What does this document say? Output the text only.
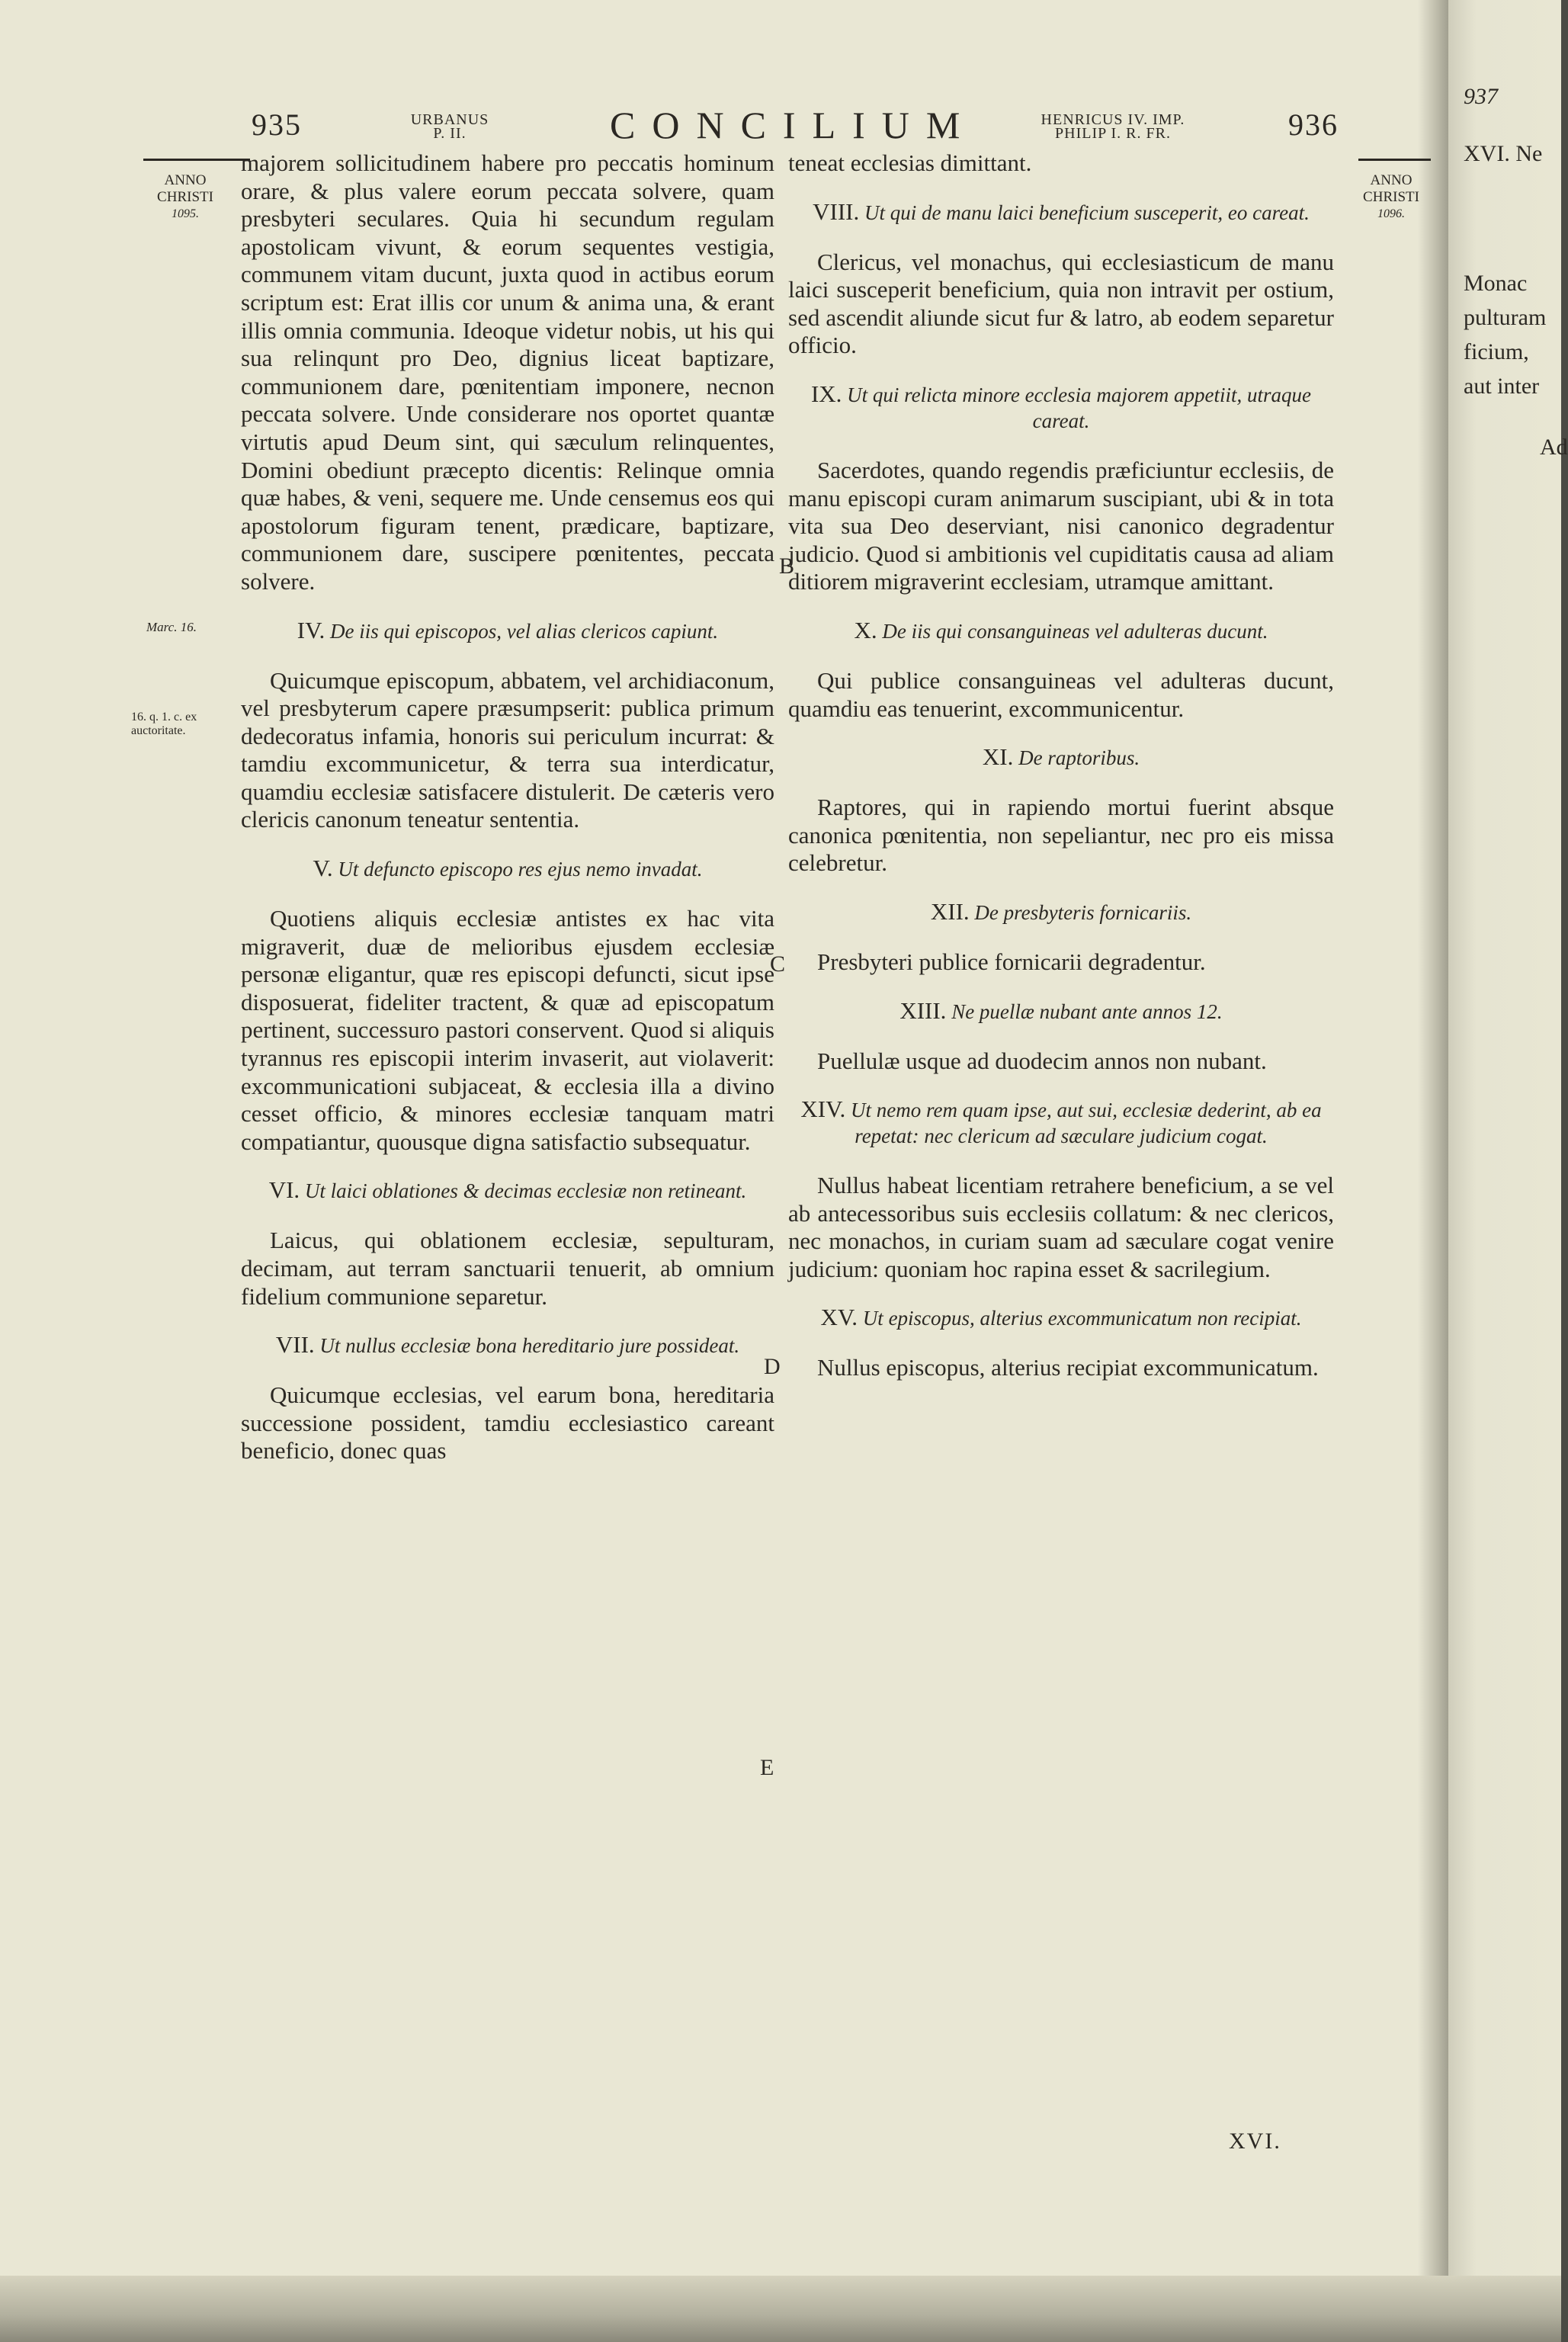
935	URBANUS
P. II.	CONCILIUM	HENRICUS IV. IMP.
PHILIP I. R. FR.	936
ANNO
CHRISTI
1095.
ANNO
CHRISTI
1096.
Marc. 16.
16. q. 1. c. ex
auctoritate.

majorem sollicitudinem habere pro peccatis hominum orare, & plus valere eorum peccata solvere, quam presbyteri seculares. Quia hi secundum regulam apostolicam vivunt, & eorum sequentes vestigia, communem vitam ducunt, juxta quod in actibus eorum scriptum est: Erat illis cor unum & anima una, & erant illis omnia communia. Ideoque videtur nobis, ut his qui sua relinqunt pro Deo, dignius liceat baptizare, communionem dare, pœnitentiam imponere, necnon peccata solvere. Unde considerare nos oportet quantæ virtutis apud Deum sint, qui sæculum relinquentes, Domini obediunt præcepto dicentis: Relinque omnia quæ habes, & veni, sequere me. Unde censemus eos qui apostolorum figuram tenent, prædicare, baptizare, communionem dare, suscipere pœnitentes, peccata solvere.

IV. De iis qui episcopos, vel alias clericos capiunt.

Quicumque episcopum, abbatem, vel archidiaconum, vel presbyterum capere præsumpserit: publica primum dedecoratus infamia, honoris sui periculum incurrat: & tamdiu excommunicetur, & terra sua interdicatur, quamdiu ecclesiæ satisfacere distulerit. De cæteris vero clericis canonum teneatur sententia.

V. Ut defuncto episcopo res ejus nemo invadat.

Quotiens aliquis ecclesiæ antistes ex hac vita migraverit, duæ de melioribus ejusdem ecclesiæ personæ eligantur, quæ res episcopi defuncti, sicut ipse disposuerat, fideliter tractent, & quæ ad episcopatum pertinent, successuro pastori conservent. Quod si aliquis tyrannus res episcopii interim invaserit, aut violaverit: excommunicationi subjaceat, & ecclesia illa a divino cesset officio, & minores ecclesiæ tanquam matri compatiantur, quousque digna satisfactio subsequatur.

VI. Ut laici oblationes & decimas ecclesiæ non retineant.

Laicus, qui oblationem ecclesiæ, sepulturam, decimam, aut terram sanctuarii tenuerit, ab omnium fidelium communione separetur.

VII. Ut nullus ecclesiæ bona hereditario jure possideat.

Quicumque ecclesias, vel earum bona, hereditaria successione possident, tamdiu ecclesiastico careant beneficio, donec quas

B
C
D
E

teneat ecclesias dimittant.

VIII. Ut qui de manu laici beneficium susceperit, eo careat.

Clericus, vel monachus, qui ecclesiasticum de manu laici susceperit beneficium, quia non intravit per ostium, sed ascendit aliunde sicut fur & latro, ab eodem separetur officio.

IX. Ut qui relicta minore ecclesia majorem appetiit, utraque careat.

Sacerdotes, quando regendis præficiuntur ecclesiis, de manu episcopi curam animarum suscipiant, ubi & in tota vita sua Deo deserviant, nisi canonico degradentur judicio. Quod si ambitionis vel cupiditatis causa ad aliam ditiorem migraverint ecclesiam, utramque amittant.

X. De iis qui consanguineas vel adulteras ducunt.

Qui publice consanguineas vel adulteras ducunt, quamdiu eas tenuerint, excommunicentur.

XI. De raptoribus.

Raptores, qui in rapiendo mortui fuerint absque canonica pœnitentia, non sepeliantur, nec pro eis missa celebretur.

XII. De presbyteris fornicariis.

Presbyteri publice fornicarii degradentur.

XIII. Ne puellæ nubant ante annos 12.

Puellulæ usque ad duodecim annos non nubant.

XIV. Ut nemo rem quam ipse, aut sui, ecclesiæ dederint, ab ea repetat: nec clericum ad sæculare judicium cogat.

Nullus habeat licentiam retrahere beneficium, a se vel ab antecessoribus suis ecclesiis collatum: & nec clericos, nec monachos, in curiam suam ad sæculare cogat venire judicium: quoniam hoc rapina esset & sacrilegium.

XV. Ut episcopus, alterius excommunicatum non recipiat.

Nullus episcopus, alterius recipiat excommunicatum.

XVI.
937
XVI. Ne
Monac
pulturam
ficium,
aut inter
Ad
